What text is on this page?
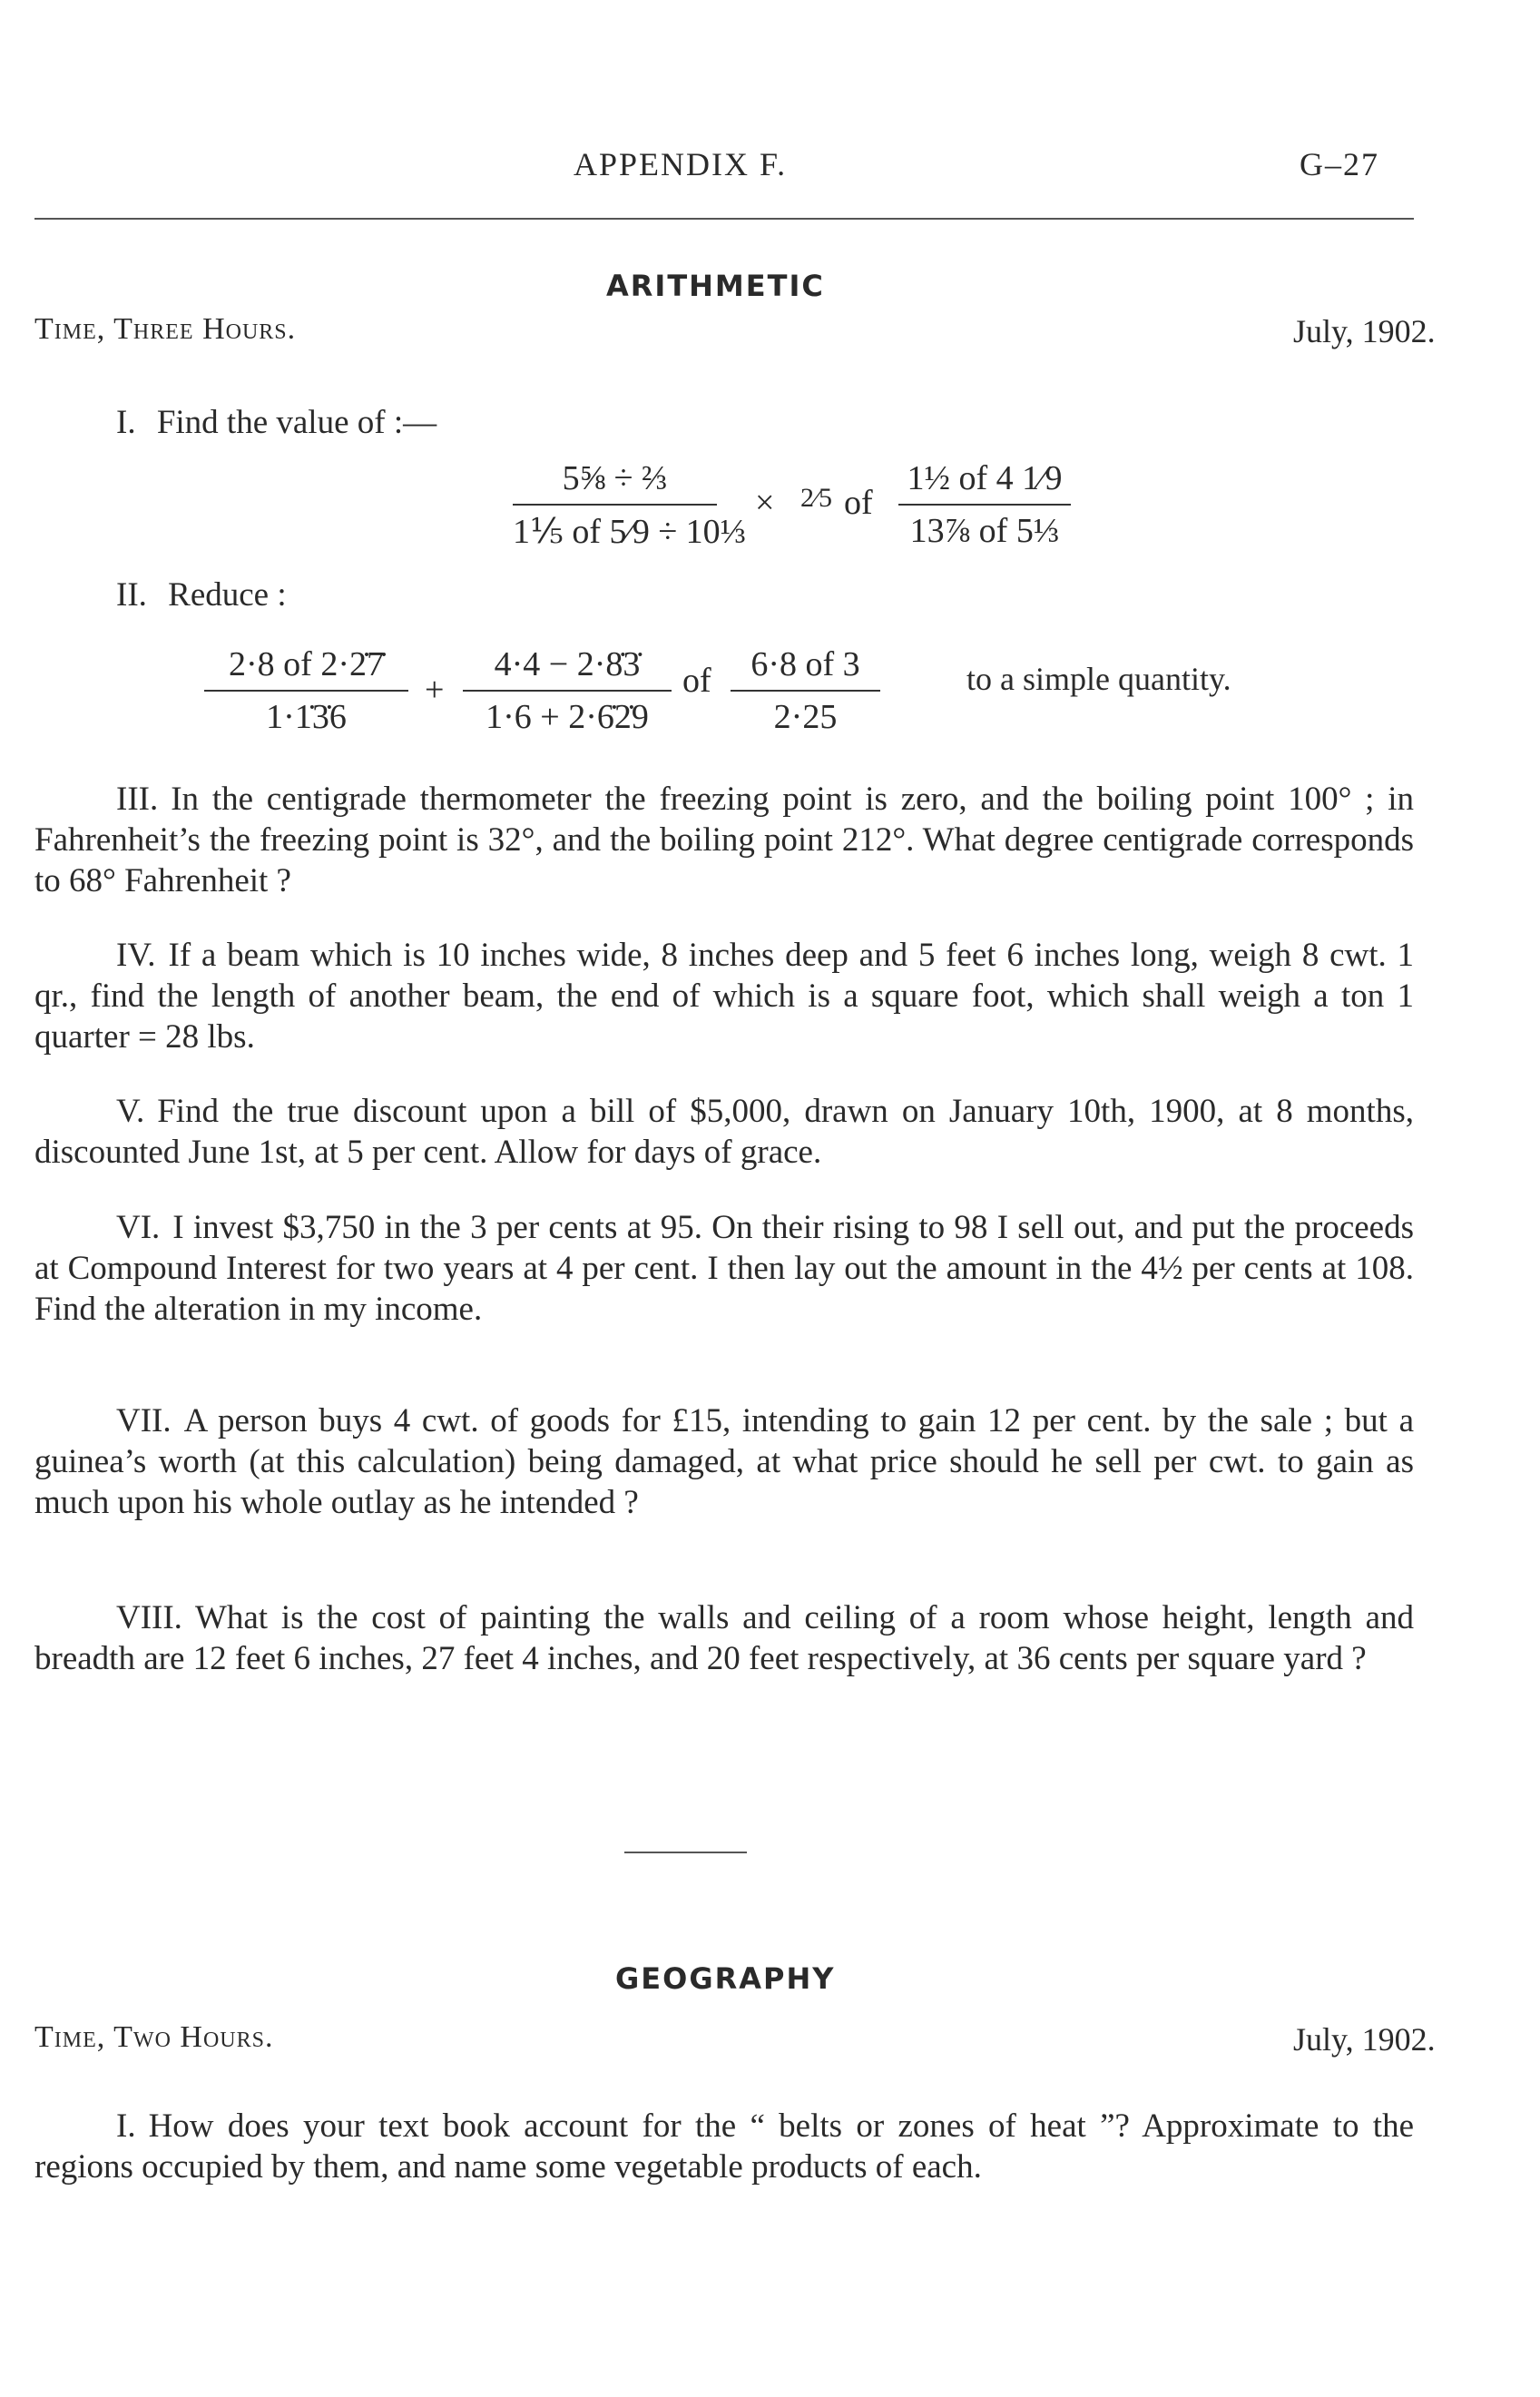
APPENDIX F.	G–27
ARITHMETIC
Time, Three Hours.	July, 1902.
I. Find the value of :—
5⅝ ÷ ⅔
1⅕ of 5⁄9 ÷ 10⅓
× 2⁄5 of
1½ of 4 1⁄9
13⅞ of 5⅓
II. Reduce :
2·8 of 2·2̇7̇
1·1̇3̇6
+
4·4 − 2·8̇3̇
1·6 + 2·6̇2̇9
of	6·8 of 3
2·25
to a simple quantity.
III. In the centigrade thermometer the freezing point is zero, and the boiling point 100° ; in Fahrenheit’s the freezing point is 32°, and the boiling point 212°. What degree centigrade corresponds to 68° Fahrenheit ?
IV. If a beam which is 10 inches wide, 8 inches deep and 5 feet 6 inches long, weigh 8 cwt. 1 qr., find the length of another beam, the end of which is a square foot, which shall weigh a ton 1 quarter = 28 lbs.
V. Find the true discount upon a bill of $5,000, drawn on January 10th, 1900, at 8 months, discounted June 1st, at 5 per cent. Allow for days of grace.
VI. I invest $3,750 in the 3 per cents at 95. On their rising to 98 I sell out, and put the proceeds at Compound Interest for two years at 4 per cent. I then lay out the amount in the 4½ per cents at 108. Find the alteration in my income.
VII. A person buys 4 cwt. of goods for £15, intending to gain 12 per cent. by the sale ; but a guinea’s worth (at this calculation) being damaged, at what price should he sell per cwt. to gain as much upon his whole outlay as he intended ?
VIII. What is the cost of painting the walls and ceiling of a room whose height, length and breadth are 12 feet 6 inches, 27 feet 4 inches, and 20 feet respectively, at 36 cents per square yard ?
GEOGRAPHY
Time, Two Hours.	July, 1902.
I. How does your text book account for the “ belts or zones of heat ”? Approximate to the regions occupied by them, and name some vegetable products of each.
